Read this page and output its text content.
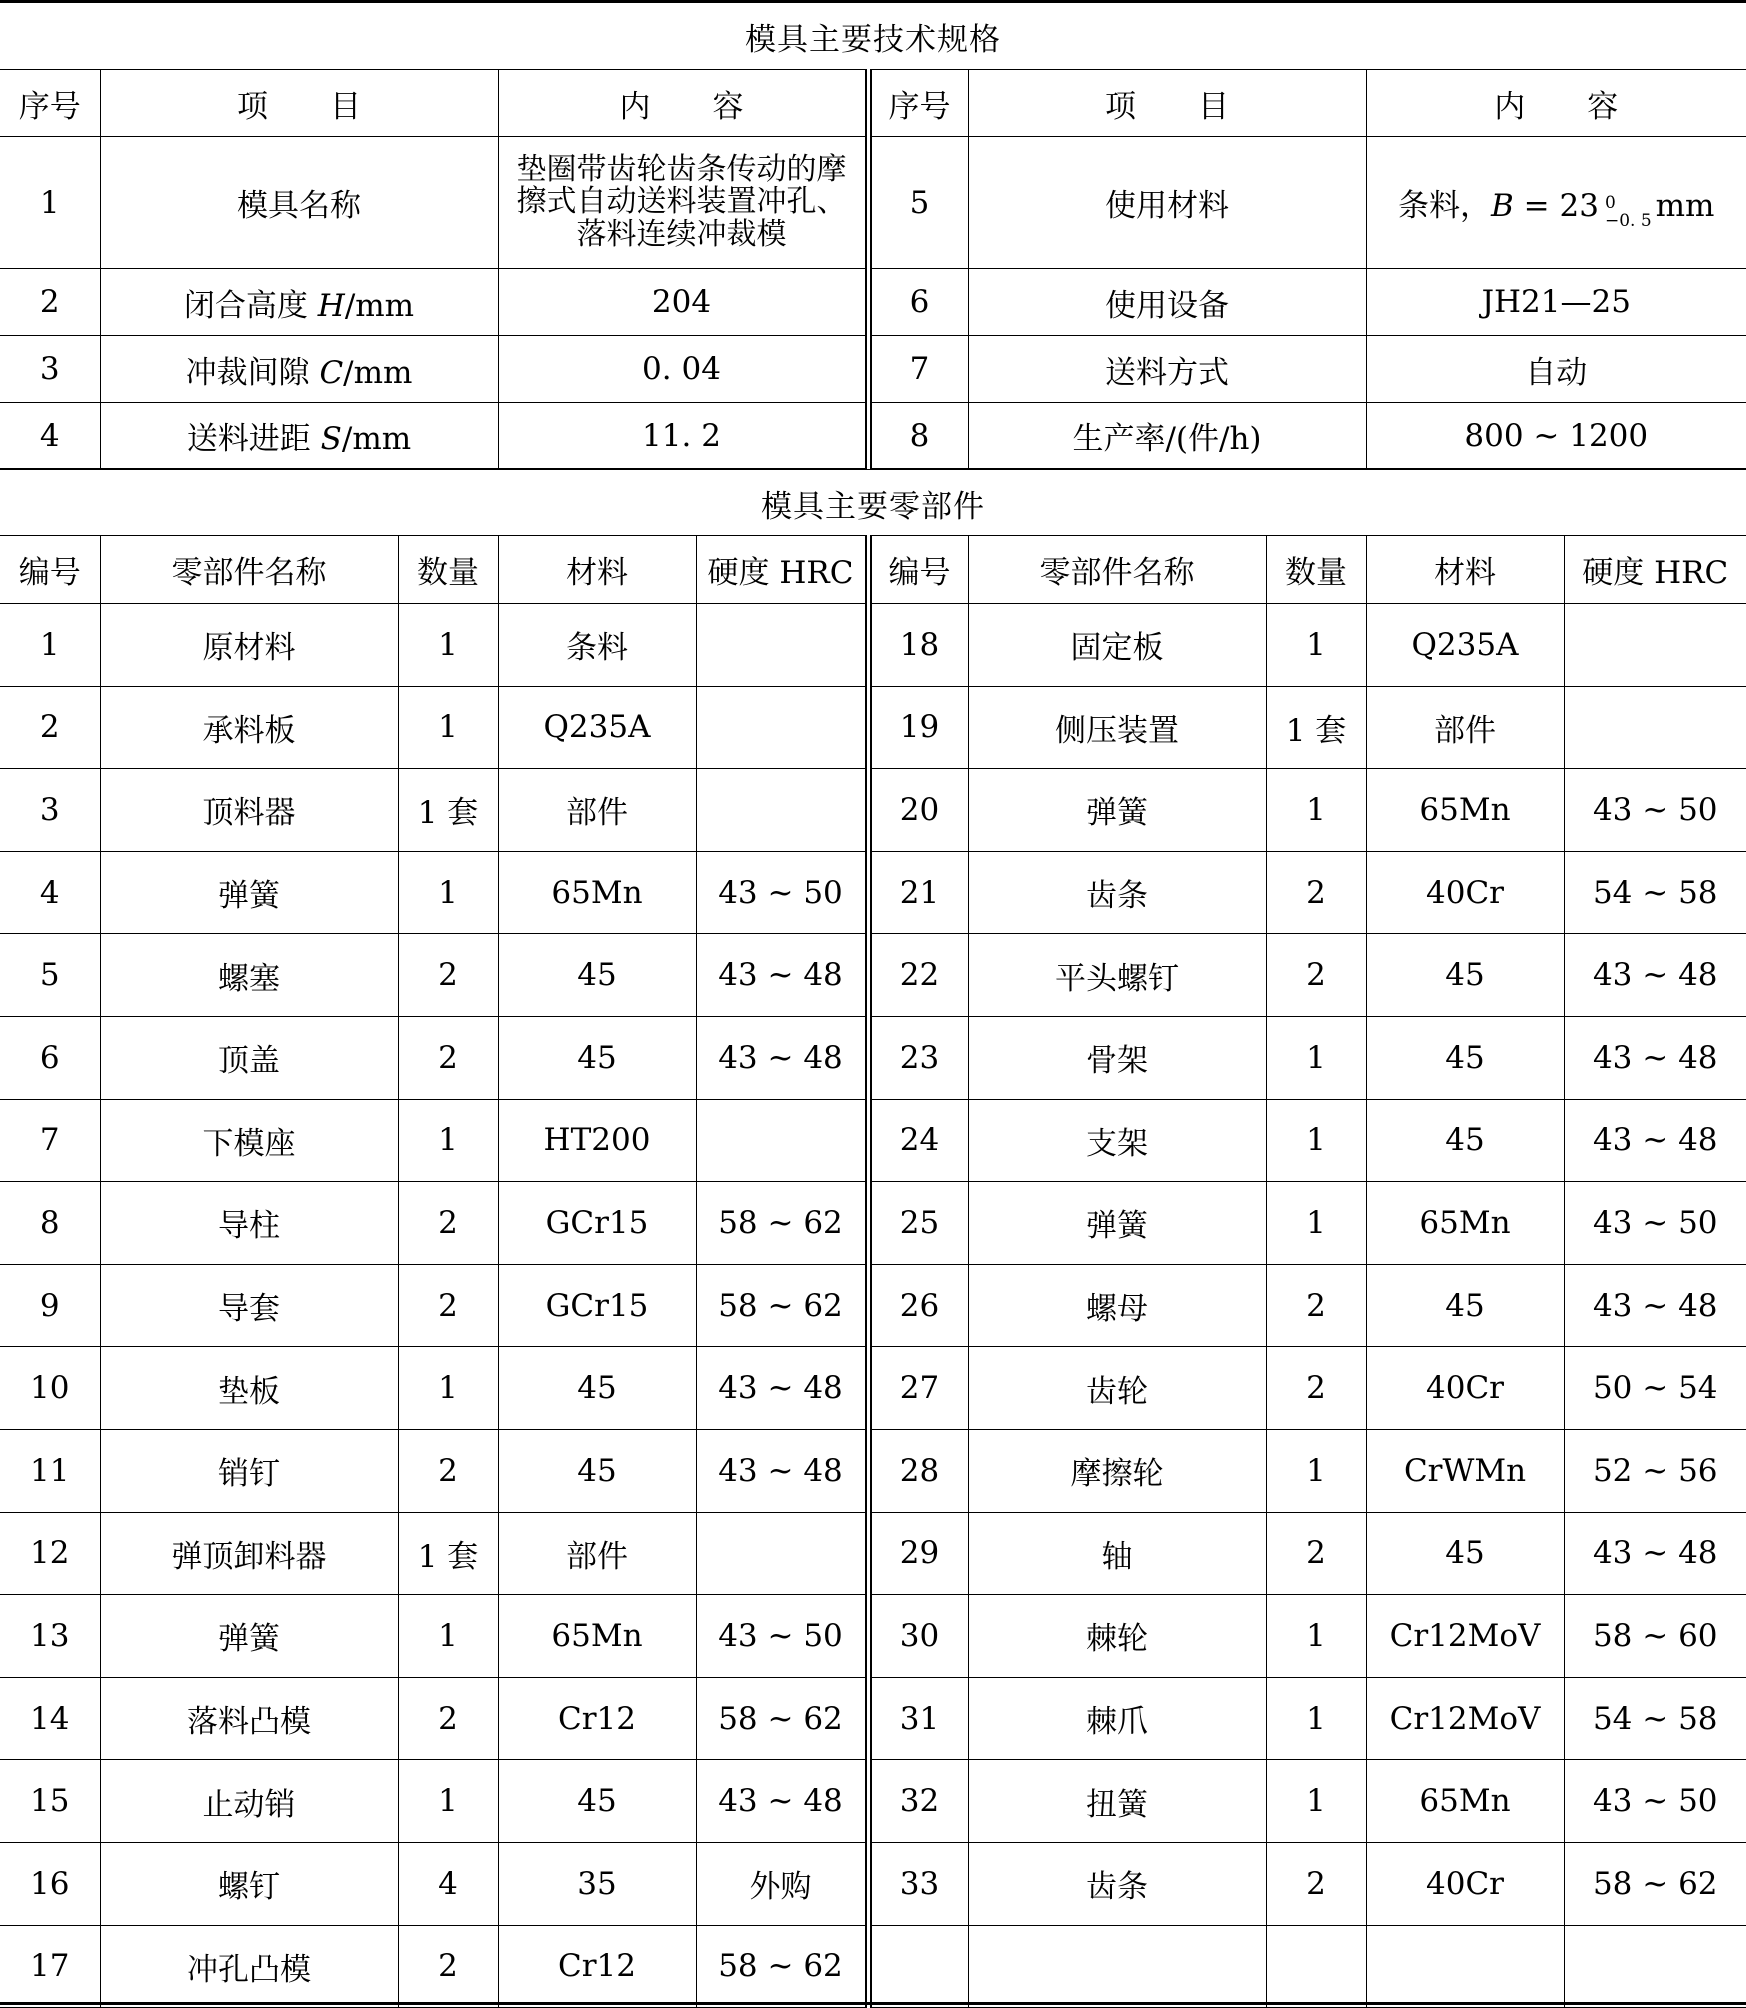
模具主要技术规格
序号	项　　目	内　　容	序号	项　　目	内　　容
1	模具名称	垫圈带齿轮齿条传动的摩擦式自动送料装置冲孔、落料连续冲裁模	5	使用材料	条料，B = 23 0
−0. 5 mm
2	闭合高度 H/mm	204	6	使用设备	JH21—25
3	冲裁间隙 C/mm	0. 04	7	送料方式	自动
4	送料进距 S/mm	11. 2	8	生产率/(件/h)	800 ~ 1200
模具主要零部件
编号	零部件名称	数量	材料	硬度 HRC	编号	零部件名称	数量	材料	硬度 HRC
1	原材料	1	条料		18	固定板	1	Q235A	
2	承料板	1	Q235A		19	侧压装置	1 套	部件	
3	顶料器	1 套	部件		20	弹簧	1	65Mn	43 ~ 50
4	弹簧	1	65Mn	43 ~ 50	21	齿条	2	40Cr	54 ~ 58
5	螺塞	2	45	43 ~ 48	22	平头螺钉	2	45	43 ~ 48
6	顶盖	2	45	43 ~ 48	23	骨架	1	45	43 ~ 48
7	下模座	1	HT200		24	支架	1	45	43 ~ 48
8	导柱	2	GCr15	58 ~ 62	25	弹簧	1	65Mn	43 ~ 50
9	导套	2	GCr15	58 ~ 62	26	螺母	2	45	43 ~ 48
10	垫板	1	45	43 ~ 48	27	齿轮	2	40Cr	50 ~ 54
11	销钉	2	45	43 ~ 48	28	摩擦轮	1	CrWMn	52 ~ 56
12	弹顶卸料器	1 套	部件		29	轴	2	45	43 ~ 48
13	弹簧	1	65Mn	43 ~ 50	30	棘轮	1	Cr12MoV	58 ~ 60
14	落料凸模	2	Cr12	58 ~ 62	31	棘爪	1	Cr12MoV	54 ~ 58
15	止动销	1	45	43 ~ 48	32	扭簧	1	65Mn	43 ~ 50
16	螺钉	4	35	外购	33	齿条	2	40Cr	58 ~ 62
17	冲孔凸模	2	Cr12	58 ~ 62					
